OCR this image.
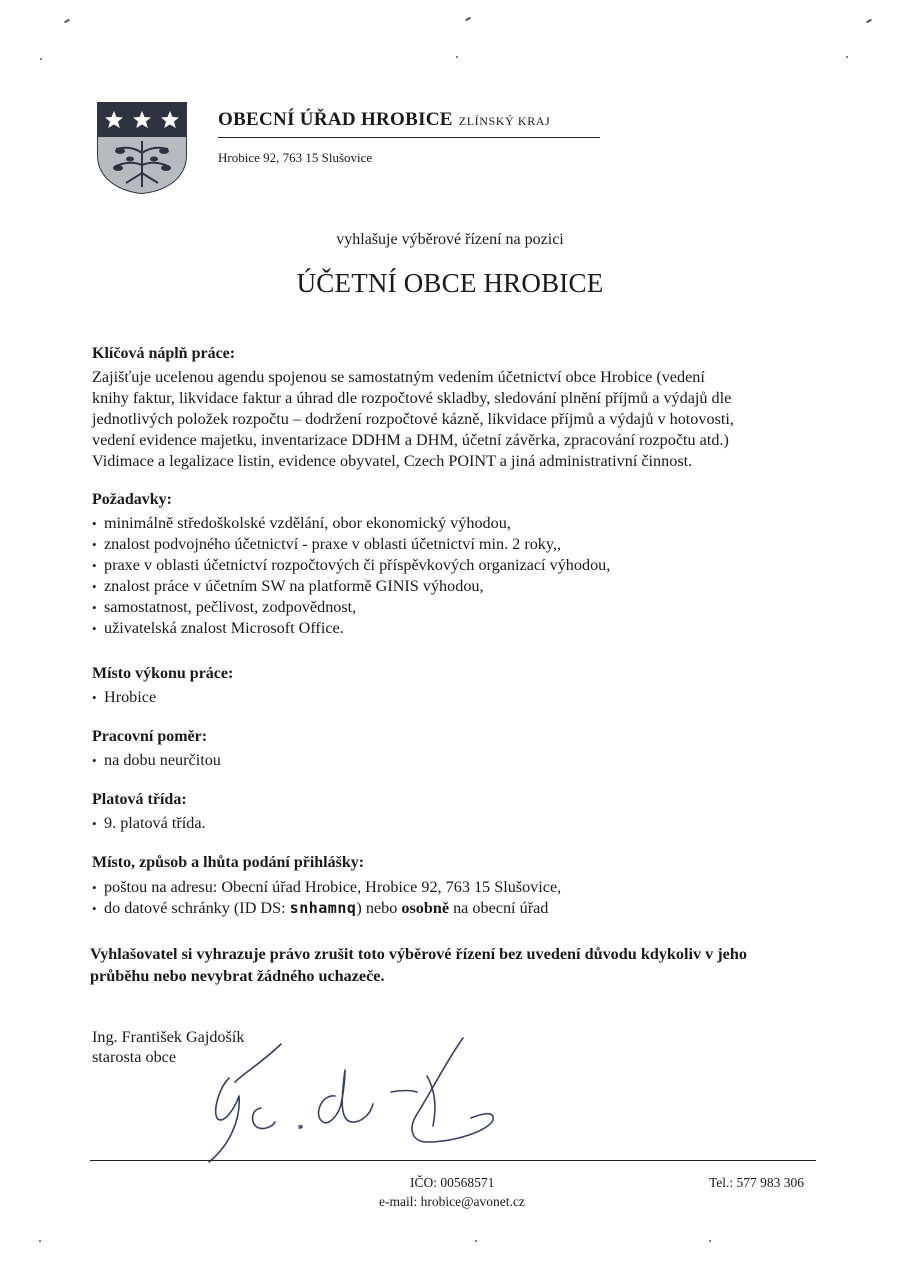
OBECNÍ ÚŘAD HROBICE ZLÍNSKÝ KRAJ
Hrobice 92, 763 15 Slušovice
vyhlašuje výběrové řízení na pozici
ÚČETNÍ OBCE HROBICE
Klíčová náplň práce:
Zajišťuje ucelenou agendu spojenou se samostatným vedením účetnictví obce Hrobice (vedení
knihy faktur, likvidace faktur a úhrad dle rozpočtové skladby, sledování plnění příjmů a výdajů dle
jednotlivých položek rozpočtu – dodržení rozpočtové kázně, likvidace příjmů a výdajů v hotovosti,
vedení evidence majetku, inventarizace DDHM a DHM, účetní závěrka, zpracování rozpočtu atd.)
Vidimace a legalizace listin, evidence obyvatel, Czech POINT a jiná administrativní činnost.
Požadavky:
• minimálně středoškolské vzdělání, obor ekonomický výhodou,
• znalost podvojného účetnictví - praxe v oblasti účetnictví min. 2 roky,,
• praxe v oblasti účetnictví rozpočtových či příspěvkových organizací výhodou,
• znalost práce v účetním SW na platformě GINIS výhodou,
• samostatnost, pečlivost, zodpovědnost,
• uživatelská znalost Microsoft Office.
Místo výkonu práce:
• Hrobice
Pracovní poměr:
• na dobu neurčitou
Platová třída:
• 9. platová třída.
Místo, způsob a lhůta podání přihlášky:
• poštou na adresu: Obecní úřad Hrobice, Hrobice 92, 763 15 Slušovice,
• do datové schránky (ID DS: snhamnq) nebo osobně na obecní úřad
Vyhlašovatel si vyhrazuje právo zrušit toto výběrové řízení bez uvedení důvodu kdykoliv v jeho průběhu nebo nevybrat žádného uchazeče.
Ing. František Gajdošík
starosta obce
IČO: 00568571
e-mail: hrobice@avonet.cz
Tel.: 577 983 306
